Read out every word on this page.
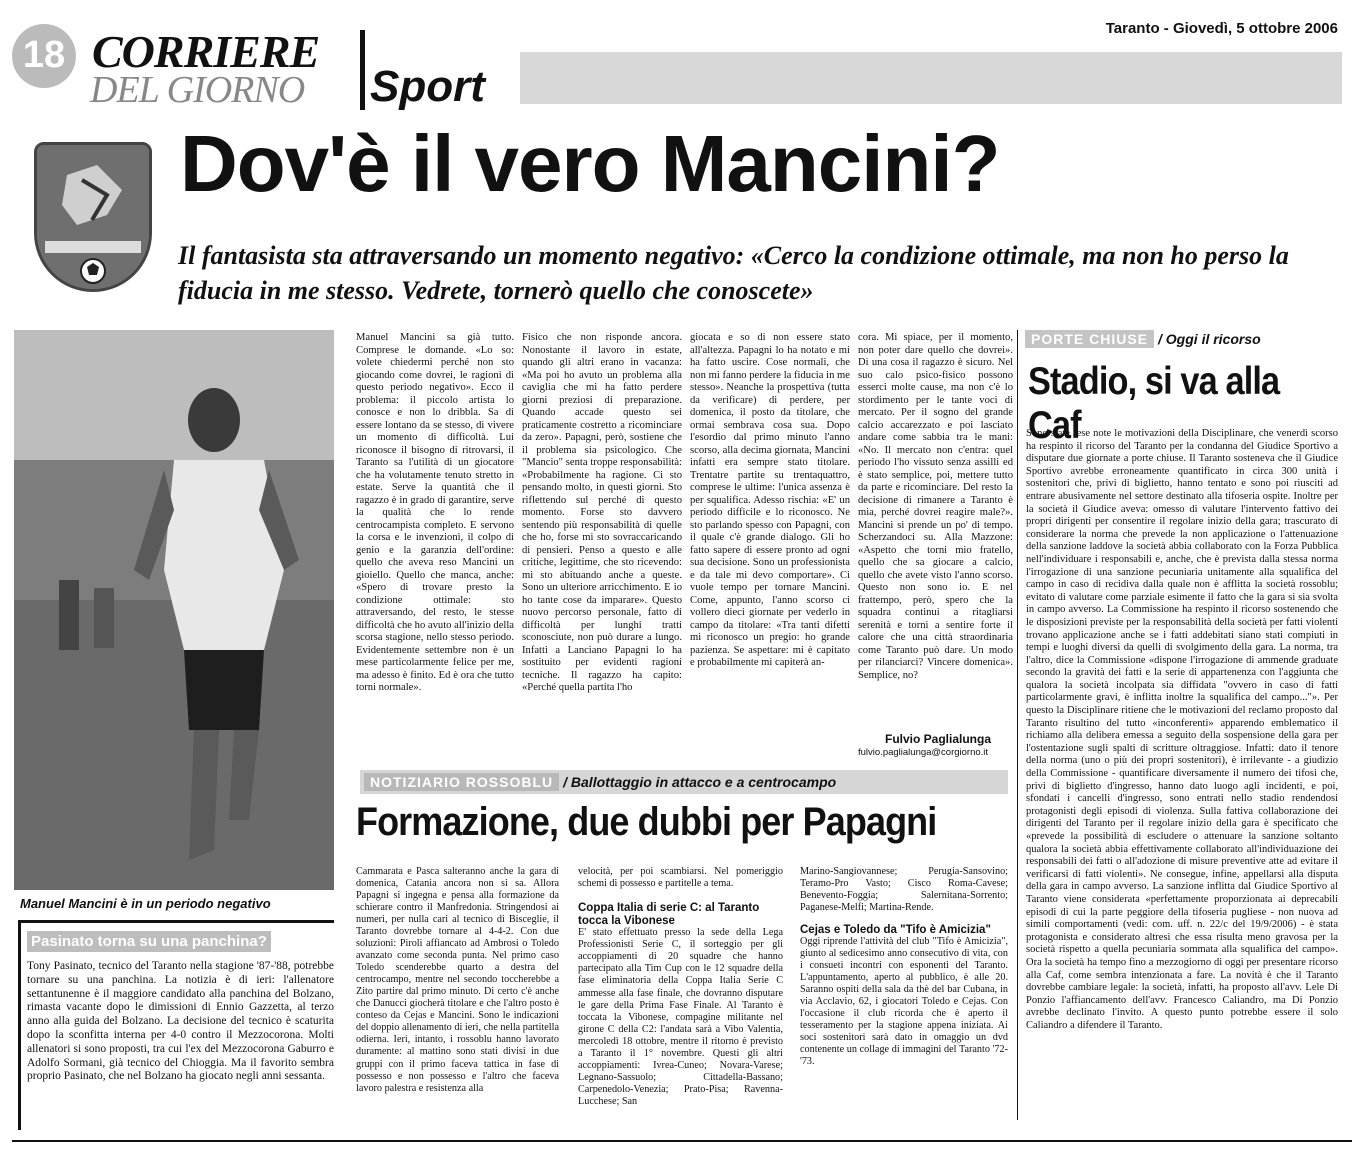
18 CORRIERE
DEL GIORNO Sport
Taranto - Giovedì, 5 ottobre 2006
Dov'è il vero Mancini?
Il fantasista sta attraversando un momento negativo: «Cerco la condizione ottimale, ma non ho perso la fiducia in me stesso. Vedrete, tornerò quello che conoscete»
Manuel Mancini è in un periodo negativo
Manuel Mancini sa già tutto. Comprese le domande. «Lo so: volete chiedermi perché non sto giocando come dovrei, le ragioni di questo periodo negativo». Ecco il problema: il piccolo artista lo conosce e non lo dribbla. Sa di essere lontano da se stesso, di vivere un momento di difficoltà. Lui riconosce il bisogno di ritrovarsi, il Taranto sa l'utilità di un giocatore che ha volutamente tenuto stretto in estate. Serve la quantità che il ragazzo è in grado di garantire, serve la qualità che lo rende centrocampista completo. E servono la corsa e le invenzioni, il colpo di genio e la garanzia dell'ordine: quello che aveva reso Mancini un gioiello. Quello che manca, anche: «Spero di trovare presto la condizione ottimale: sto attraversando, del resto, le stesse difficoltà che ho avuto all'inizio della scorsa stagione, nello stesso periodo. Evidentemente settembre non è un mese particolarmente felice per me, ma adesso è finito. Ed è ora che tutto torni normale».
Fisico che non risponde ancora. Nonostante il lavoro in estate, quando gli altri erano in vacanza: «Ma poi ho avuto un problema alla caviglia che mi ha fatto perdere giorni preziosi di preparazione. Quando accade questo sei praticamente costretto a ricominciare da zero». Papagni, però, sostiene che il problema sia psicologico. Che "Mancio" senta troppe responsabilità: «Probabilmente ha ragione. Ci sto pensando molto, in questi giorni. Sto riflettendo sul perché di questo momento. Forse sto davvero sentendo più responsabilità di quelle che ho, forse mi sto sovraccaricando di pensieri. Penso a questo e alle critiche, legittime, che sto ricevendo: mi sto abituando anche a queste. Sono un ulteriore arricchimento. E io ho tante cose da imparare». Questo nuovo percorso personale, fatto di difficoltà per lunghi tratti sconosciute, non può durare a lungo. Infatti a Lanciano Papagni lo ha sostituito per evidenti ragioni tecniche. Il ragazzo ha capito: «Perché quella partita l'ho
giocata e so di non essere stato all'altezza. Papagni lo ha notato e mi ha fatto uscire. Cose normali, che non mi fanno perdere la fiducia in me stesso». Neanche la prospettiva (tutta da verificare) di perdere, per domenica, il posto da titolare, che ormai sembrava cosa sua. Dopo l'esordio dal primo minuto l'anno scorso, alla decima giornata, Mancini infatti era sempre stato titolare. Trentatre partite su trentaquattro, comprese le ultime: l'unica assenza è per squalifica. Adesso rischia: «E' un periodo difficile e lo riconosco. Ne sto parlando spesso con Papagni, con il quale c'è grande dialogo. Gli ho fatto sapere di essere pronto ad ogni sua decisione. Sono un professionista e da tale mi devo comportare». Ci vuole tempo per tornare Mancini. Come, appunto, l'anno scorso ci vollero dieci giornate per vederlo in campo da titolare: «Tra tanti difetti mi riconosco un pregio: ho grande pazienza. Se aspettare: mi è capitato e probabilmente mi capiterà an-
cora. Mi spiace, per il momento, non poter dare quello che dovrei». Di una cosa il ragazzo è sicuro. Nel suo calo psico-fisico possono esserci molte cause, ma non c'è lo stordimento per le tante voci di mercato. Per il sogno del grande calcio accarezzato e poi lasciato andare come sabbia tra le mani: «No. Il mercato non c'entra: quel periodo l'ho vissuto senza assilli ed è stato semplice, poi, mettere tutto da parte e ricominciare. Del resto la decisione di rimanere a Taranto è mia, perché dovrei reagire male?». Mancini si prende un po' di tempo. Scherzandoci su. Alla Mazzone: «Aspetto che torni mio fratello, quello che sa giocare a calcio, quello che avete visto l'anno scorso. Questo non sono io. E nel frattempo, però, spero che la squadra continui a ritagliarsi serenità e torni a sentire forte il calore che una città straordinaria come Taranto può dare. Un modo per rilanciarci? Vincere domenica». Semplice, no?
Fulvio Paglialunga
fulvio.paglialunga@corgiorno.it
PORTE CHIUSE / Oggi il ricorso
Stadio, si va alla Caf
Sono state rese note le motivazioni della Disciplinare, che venerdì scorso ha respinto il ricorso del Taranto per la condanna del Giudice Sportivo a disputare due giornate a porte chiuse. Il Taranto sosteneva che il Giudice Sportivo avrebbe erroneamente quantificato in circa 300 unità i sostenitori che, privi di biglietto, hanno tentato e sono poi riusciti ad entrare abusivamente nel settore destinato alla tifoseria ospite. Inoltre per la società il Giudice aveva: omesso di valutare l'intervento fattivo dei propri dirigenti per consentire il regolare inizio della gara; trascurato di considerare la norma che prevede la non applicazione o l'attenuazione della sanzione laddove la società abbia collaborato con la Forza Pubblica nell'individuare i responsabili e, anche, che è prevista dalla stessa norma l'irrogazione di una sanzione pecuniaria unitamente alla squalifica del campo in caso di recidiva dalla quale non è afflitta la società rossoblu; evitato di valutare come parziale esimente il fatto che la gara si sia svolta in campo avverso. La Commissione ha respinto il ricorso sostenendo che le disposizioni previste per la responsabilità della società per fatti violenti trovano applicazione anche se i fatti addebitati siano stati compiuti in tempi e luoghi diversi da quelli di svolgimento della gara. La norma, tra l'altro, dice la Commissione «dispone l'irrogazione di ammende graduate secondo la gravità dei fatti e la serie di appartenenza con l'aggiunta che qualora la società incolpata sia diffidata "ovvero in caso di fatti particolarmente gravi, è inflitta inoltre la squalifica del campo..."». Per questo la Disciplinare ritiene che le motivazioni del reclamo proposto dal Taranto risultino del tutto «inconferenti» apparendo emblematico il richiamo alla delibera emessa a seguito della sospensione della gara per l'ostentazione sugli spalti di scritture oltraggiose. Infatti: dato il tenore della norma (uno o più dei propri sostenitori), è irrilevante - a giudizio della Commissione - quantificare diversamente il numero dei tifosi che, privi di biglietto d'ingresso, hanno dato luogo agli incidenti, e poi, sfondati i cancelli d'ingresso, sono entrati nello stadio rendendosi protagonisti degli episodi di violenza. Sulla fattiva collaborazione dei dirigenti del Taranto per il regolare inizio della gara è specificato che «prevede la possibilità di escludere o attenuare la sanzione soltanto qualora la società abbia effettivamente collaborato all'individuazione dei responsabili dei fatti o all'adozione di misure preventive atte ad evitare il verificarsi di fatti violenti». Ne consegue, infine, appellarsi alla disputa della gara in campo avverso. La sanzione inflitta dal Giudice Sportivo al Taranto viene considerata «perfettamente proporzionata ai deprecabili episodi di cui la parte peggiore della tifoseria pugliese - non nuova ad simili comportamenti (vedi: com. uff. n. 22/c del 19/9/2006) - è stata protagonista e considerato altresì che essa risulta meno gravosa per la società rispetto a quella pecuniaria sommata alla squalifica del campo». Ora la società ha tempo fino a mezzogiorno di oggi per presentare ricorso alla Caf, come sembra intenzionata a fare. La novità è che il Taranto dovrebbe cambiare legale: la società, infatti, ha proposto all'avv. Lele Di Ponzio l'affiancamento dell'avv. Francesco Caliandro, ma Di Ponzio avrebbe declinato l'invito. A questo punto potrebbe essere il solo Caliandro a difendere il Taranto.
NOTIZIARIO ROSSOBLU / Ballottaggio in attacco e a centrocampo
Formazione, due dubbi per Papagni
Cammarata e Pasca salteranno anche la gara di domenica, Catania ancora non si sa. Allora Papagni si ingegna e pensa alla formazione da schierare contro il Manfredonia. Stringendosi ai numeri, per nulla cari al tecnico di Bisceglie, il Taranto dovrebbe tornare al 4-4-2. Con due soluzioni: Piroli affiancato ad Ambrosi o Toledo avanzato come seconda punta. Nel primo caso Toledo scenderebbe quarto a destra del centrocampo, mentre nel secondo toccherebbe a Zito partire dal primo minuto. Di certo c'è anche che Danucci giocherà titolare e che l'altro posto è conteso da Cejas e Mancini. Sono le indicazioni del doppio allenamento di ieri, che nella partitella odierna. Ieri, intanto, i rossoblu hanno lavorato duramente: al mattino sono stati divisi in due gruppi con il primo faceva tattica in fase di possesso e non possesso e l'altro che faceva lavoro palestra e resistenza alla
velocità, per poi scambiarsi. Nel pomeriggio schemi di possesso e partitelle a tema.
Coppa Italia di serie C: al Taranto tocca la Vibonese
E' stato effettuato presso la sede della Lega Professionisti Serie C, il sorteggio per gli accoppiamenti di 20 squadre che hanno partecipato alla Tim Cup con le 12 squadre della fase eliminatoria della Coppa Italia Serie C ammesse alla fase finale, che dovranno disputare le gare della Prima Fase Finale. Al Taranto è toccata la Vibonese, compagine militante nel girone C della C2: l'andata sarà a Vibo Valentia, mercoledì 18 ottobre, mentre il ritorno è previsto a Taranto il 1° novembre. Questi gli altri accoppiamenti: Ivrea-Cuneo; Novara-Varese; Legnano-Sassuolo; Cittadella-Bassano; Carpenedolo-Venezia; Prato-Pisa; Ravenna-Lucchese; San
Marino-Sangiovannese; Perugia-Sansovino; Teramo-Pro Vasto; Cisco Roma-Cavese; Benevento-Foggia; Salernitana-Sorrento; Paganese-Melfi; Martina-Rende.
Cejas e Toledo da "Tifo è Amicizia"
Oggi riprende l'attività del club "Tifo è Amicizia", giunto al sedicesimo anno consecutivo di vita, con i consueti incontri con esponenti del Taranto. L'appuntamento, aperto al pubblico, è alle 20. Saranno ospiti della sala da thè del bar Cubana, in via Acclavio, 62, i giocatori Toledo e Cejas. Con l'occasione il club ricorda che è aperto il tesseramento per la stagione appena iniziata. Ai soci sostenitori sarà dato in omaggio un dvd contenente un collage di immagini del Taranto '72-'73.
Pasinato torna su una panchina?
Tony Pasinato, tecnico del Taranto nella stagione '87-'88, potrebbe tornare su una panchina. La notizia è di ieri: l'allenatore settantunenne è il maggiore candidato alla panchina del Bolzano, rimasta vacante dopo le dimissioni di Ennio Gazzetta, al terzo anno alla guida del Bolzano. La decisione del tecnico è scaturita dopo la sconfitta interna per 4-0 contro il Mezzocorona. Molti allenatori si sono proposti, tra cui l'ex del Mezzocorona Gaburro e Adolfo Sormani, già tecnico del Chioggia. Ma il favorito sembra proprio Pasinato, che nel Bolzano ha giocato negli anni sessanta.
